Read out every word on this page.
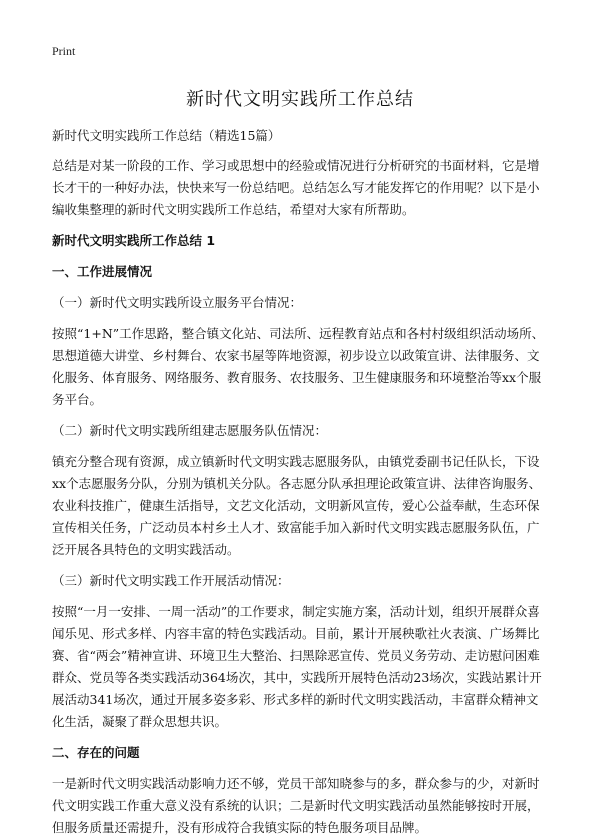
Print
新时代文明实践所工作总结
新时代文明实践所工作总结（精选15篇）

总结是对某一阶段的工作、学习或思想中的经验或情况进行分析研究的书面材料，它是增长才干的一种好办法，快快来写一份总结吧。总结怎么写才能发挥它的作用呢？以下是小编收集整理的新时代文明实践所工作总结，希望对大家有所帮助。

新时代文明实践所工作总结 1
一、工作进展情况
（一）新时代文明实践所设立服务平台情况：

按照“1+N”工作思路，整合镇文化站、司法所、远程教育站点和各村村级组织活动场所、思想道德大讲堂、乡村舞台、农家书屋等阵地资源，初步设立以政策宣讲、法律服务、文化服务、体育服务、网络服务、教育服务、农技服务、卫生健康服务和环境整治等xx个服务平台。

（二）新时代文明实践所组建志愿服务队伍情况：

镇充分整合现有资源，成立镇新时代文明实践志愿服务队，由镇党委副书记任队长，下设xx个志愿服务分队，分别为镇机关分队。各志愿分队承担理论政策宣讲、法律咨询服务、农业科技推广，健康生活指导，文艺文化活动，文明新风宣传，爱心公益奉献，生态环保宣传相关任务，广泛动员本村乡土人才、致富能手加入新时代文明实践志愿服务队伍，广泛开展各具特色的文明实践活动。

（三）新时代文明实践工作开展活动情况：

按照“一月一安排、一周一活动”的工作要求，制定实施方案，活动计划，组织开展群众喜闻乐见、形式多样、内容丰富的特色实践活动。目前，累计开展秧歌社火表演、广场舞比赛、省“两会”精神宣讲、环境卫生大整治、扫黑除恶宣传、党员义务劳动、走访慰问困难群众、党员等各类实践活动364场次，其中，实践所开展特色活动23场次，实践站累计开展活动341场次，通过开展多姿多彩、形式多样的新时代文明实践活动，丰富群众精神文化生活，凝聚了群众思想共识。

二、存在的问题

一是新时代文明实践活动影响力还不够，党员干部知晓参与的多，群众参与的少，对新时代文明实践工作重大意义没有系统的认识；二是新时代文明实践活动虽然能够按时开展，但服务质量还需提升，没有形成符合我镇实际的特色服务项目品牌。
